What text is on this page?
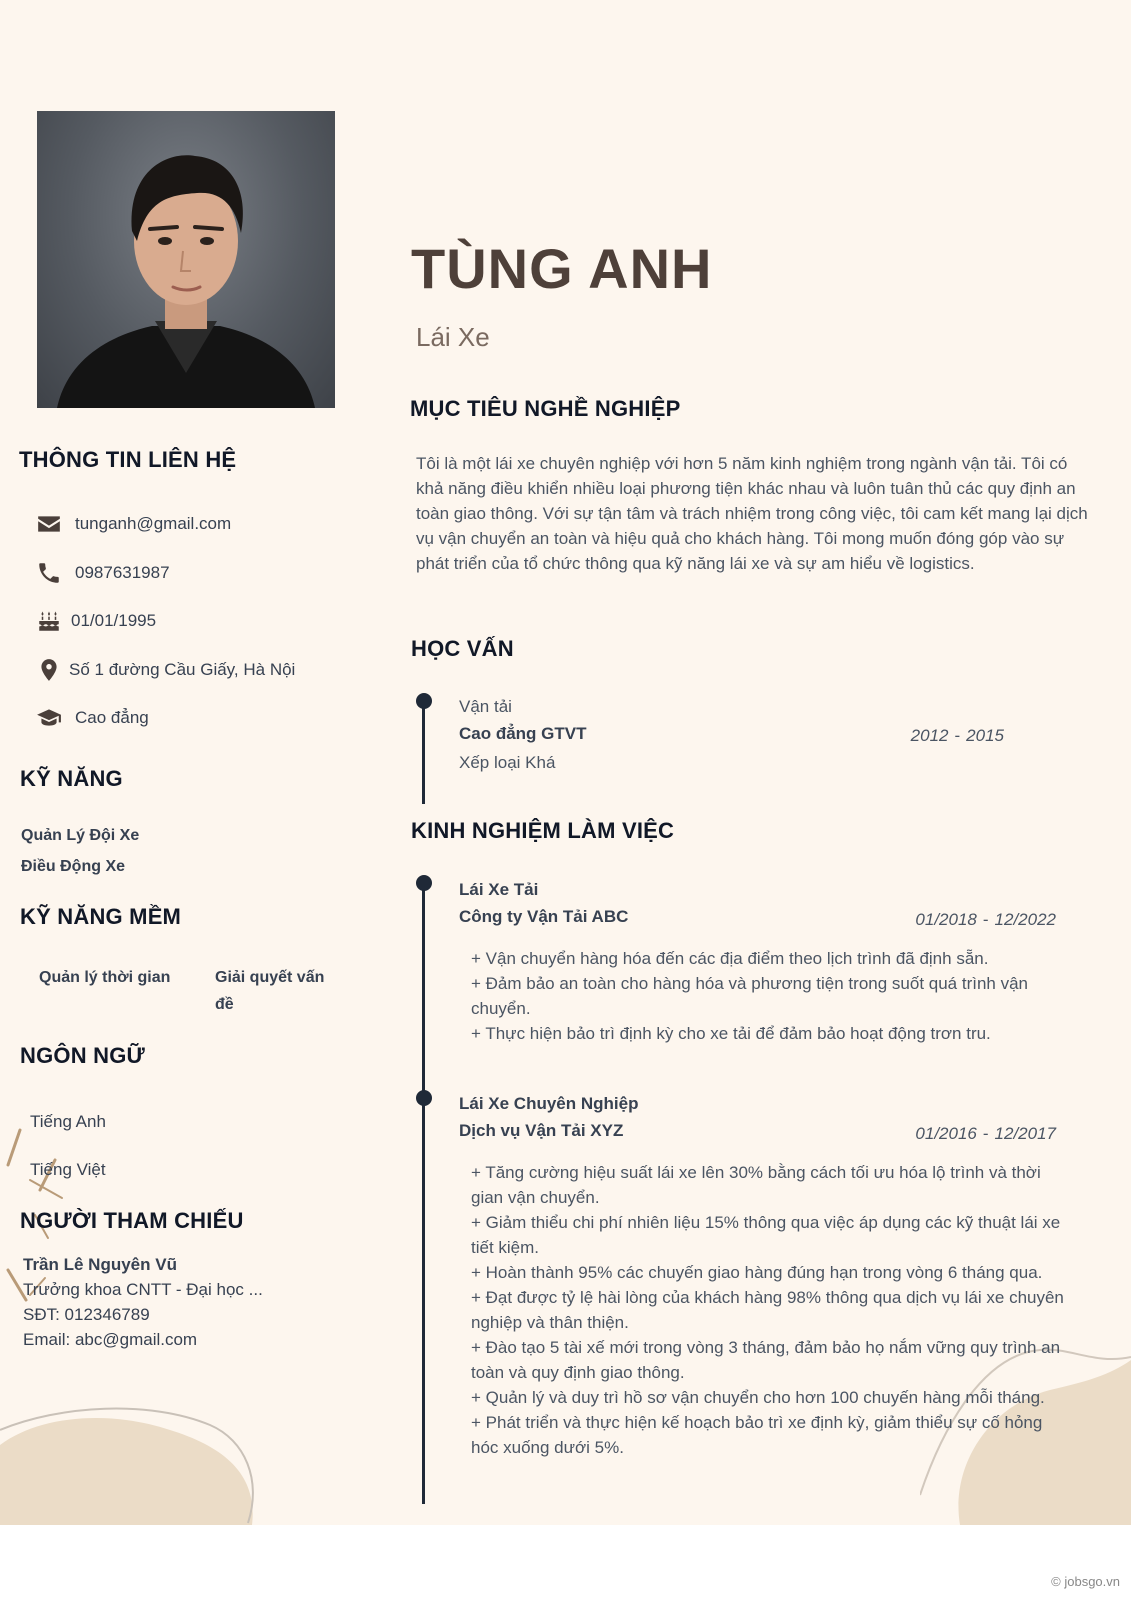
THÔNG TIN LIÊN HỆ
tunganh@gmail.com
0987631987
01/01/1995
Số 1 đường Cầu Giấy, Hà Nội
Cao đẳng
KỸ NĂNG
Quản Lý Đội Xe
Điều Động Xe
KỸ NĂNG MỀM
Quản lý thời gian	Giải quyết vấn đề
NGÔN NGỮ
Tiếng Anh
Tiếng Việt
NGƯỜI THAM CHIẾU
Trần Lê Nguyên Vũ
Trưởng khoa CNTT - Đại học ...
SĐT: 012346789
Email: abc@gmail.com
TÙNG ANH
Lái Xe
MỤC TIÊU NGHỀ NGHIỆP

Tôi là một lái xe chuyên nghiệp với hơn 5 năm kinh nghiệm trong ngành vận tải. Tôi có khả năng điều khiển nhiều loại phương tiện khác nhau và luôn tuân thủ các quy định an toàn giao thông. Với sự tận tâm và trách nhiệm trong công việc, tôi cam kết mang lại dịch vụ vận chuyển an toàn và hiệu quả cho khách hàng. Tôi mong muốn đóng góp vào sự phát triển của tổ chức thông qua kỹ năng lái xe và sự am hiểu về logistics.

HỌC VẤN
Vận tải
Cao đẳng GTVT
Xếp loại Khá
2012 - 2015
KINH NGHIỆM LÀM VIỆC
Lái Xe Tải
Công ty Vận Tải ABC	01/2018 - 12/2022
+ Vận chuyển hàng hóa đến các địa điểm theo lịch trình đã định sẵn.
+ Đảm bảo an toàn cho hàng hóa và phương tiện trong suốt quá trình vận chuyển.
+ Thực hiện bảo trì định kỳ cho xe tải để đảm bảo hoạt động trơn tru.
Lái Xe Chuyên Nghiệp
Dịch vụ Vận Tải XYZ	01/2016 - 12/2017
+ Tăng cường hiệu suất lái xe lên 30% bằng cách tối ưu hóa lộ trình và thời gian vận chuyển.
+ Giảm thiểu chi phí nhiên liệu 15% thông qua việc áp dụng các kỹ thuật lái xe tiết kiệm.
+ Hoàn thành 95% các chuyến giao hàng đúng hạn trong vòng 6 tháng qua.
+ Đạt được tỷ lệ hài lòng của khách hàng 98% thông qua dịch vụ lái xe chuyên nghiệp và thân thiện.
+ Đào tạo 5 tài xế mới trong vòng 3 tháng, đảm bảo họ nắm vững quy trình an toàn và quy định giao thông.
+ Quản lý và duy trì hồ sơ vận chuyển cho hơn 100 chuyến hàng mỗi tháng.
+ Phát triển và thực hiện kế hoạch bảo trì xe định kỳ, giảm thiểu sự cố hỏng hóc xuống dưới 5%.
© jobsgo.vn
